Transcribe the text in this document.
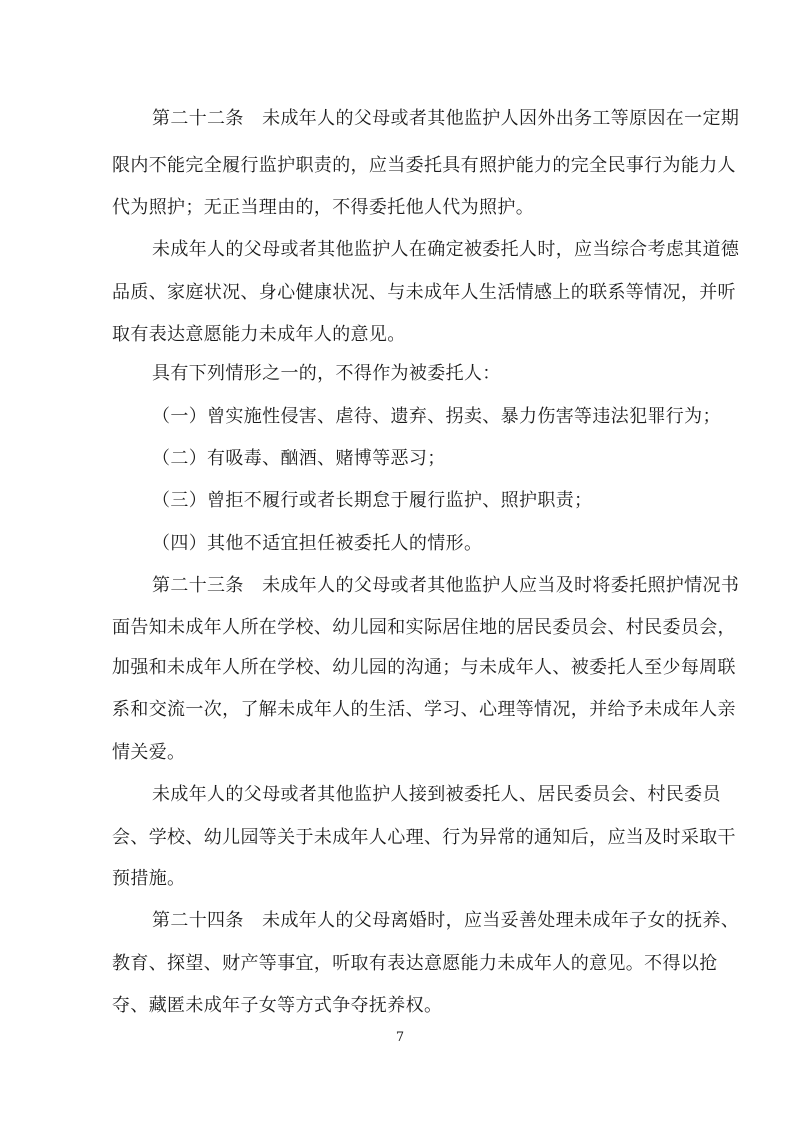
第二十二条　未成年人的父母或者其他监护人因外出务工等原因在一定期
限内不能完全履行监护职责的，应当委托具有照护能力的完全民事行为能力人
代为照护；无正当理由的，不得委托他人代为照护。
未成年人的父母或者其他监护人在确定被委托人时，应当综合考虑其道德
品质、家庭状况、身心健康状况、与未成年人生活情感上的联系等情况，并听
取有表达意愿能力未成年人的意见。
具有下列情形之一的，不得作为被委托人：
（一）曾实施性侵害、虐待、遗弃、拐卖、暴力伤害等违法犯罪行为；
（二）有吸毒、酗酒、赌博等恶习；
（三）曾拒不履行或者长期怠于履行监护、照护职责；
（四）其他不适宜担任被委托人的情形。
第二十三条　未成年人的父母或者其他监护人应当及时将委托照护情况书
面告知未成年人所在学校、幼儿园和实际居住地的居民委员会、村民委员会，
加强和未成年人所在学校、幼儿园的沟通；与未成年人、被委托人至少每周联
系和交流一次，了解未成年人的生活、学习、心理等情况，并给予未成年人亲
情关爱。
未成年人的父母或者其他监护人接到被委托人、居民委员会、村民委员
会、学校、幼儿园等关于未成年人心理、行为异常的通知后，应当及时采取干
预措施。
第二十四条　未成年人的父母离婚时，应当妥善处理未成年子女的抚养、
教育、探望、财产等事宜，听取有表达意愿能力未成年人的意见。不得以抢
夺、藏匿未成年子女等方式争夺抚养权。
7
